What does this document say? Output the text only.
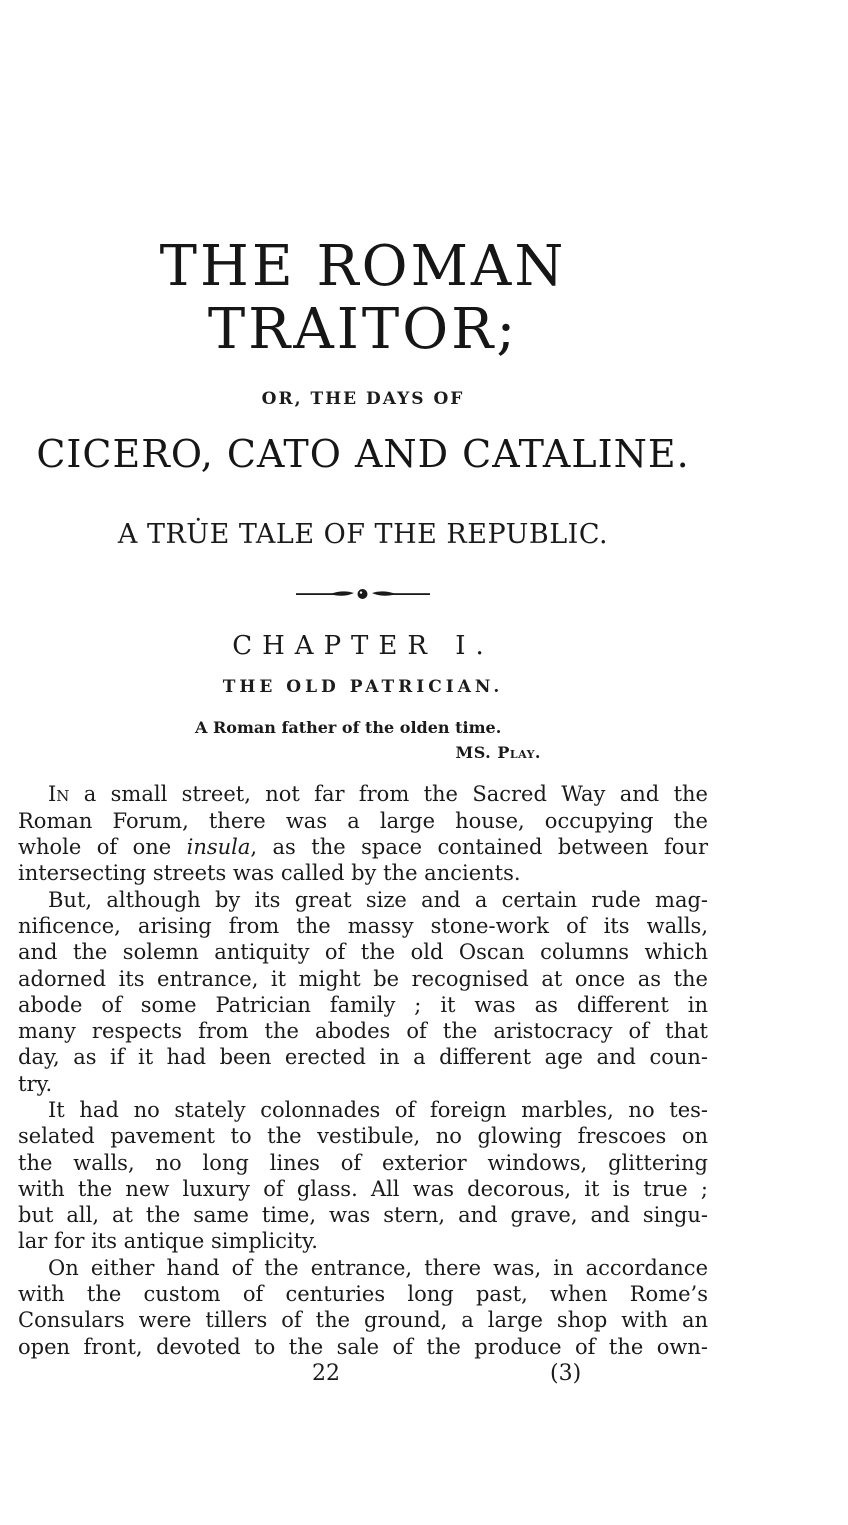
THE ROMAN TRAITOR;
OR, THE DAYS OF
CICERO, CATO AND CATALINE.
A TRU̇E TALE OF THE REPUBLIC.
CHAPTER I.
THE OLD PATRICIAN.
A Roman father of the olden time.
MS. Play.
In a small street, not far from the Sacred Way and the
Roman Forum, there was a large house, occupying the
whole of one insula, as the space contained between four
intersecting streets was called by the ancients.
But, although by its great size and a certain rude mag-
nificence, arising from the massy stone-work of its walls,
and the solemn antiquity of the old Oscan columns which
adorned its entrance, it might be recognised at once as the
abode of some Patrician family ; it was as different in
many respects from the abodes of the aristocracy of that
day, as if it had been erected in a different age and coun-
try.
It had no stately colonnades of foreign marbles, no tes-
selated pavement to the vestibule, no glowing frescoes on
the walls, no long lines of exterior windows, glittering
with the new luxury of glass. All was decorous, it is true ;
but all, at the same time, was stern, and grave, and singu-
lar for its antique simplicity.
On either hand of the entrance, there was, in accordance
with the custom of centuries long past, when Rome’s
Consulars were tillers of the ground, a large shop with an
open front, devoted to the sale of the produce of the own-
22	(3)
